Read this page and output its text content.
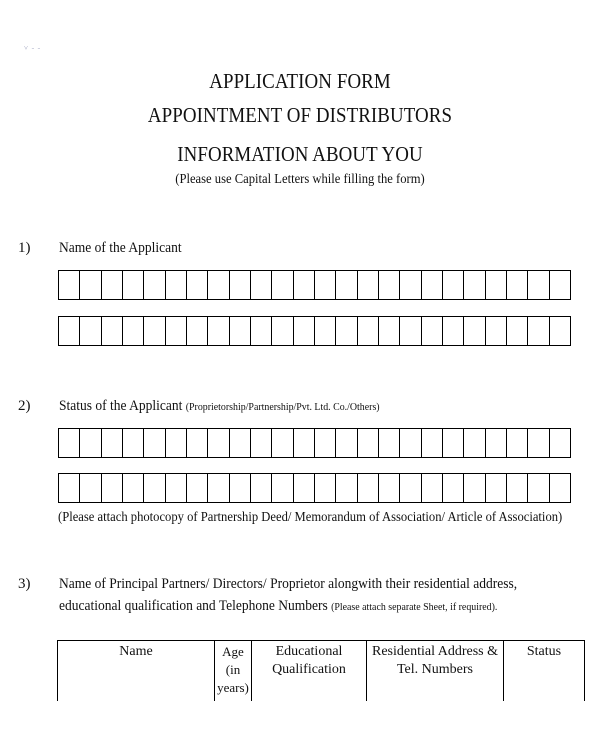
˅ ˗ ˗
APPLICATION FORM
APPOINTMENT OF DISTRIBUTORS
INFORMATION ABOUT YOU
(Please use Capital Letters while filling the form)
1) Name of the Applicant
2) Status of the Applicant (Proprietorship/Partnership/Pvt. Ltd. Co./Others)
(Please attach photocopy of Partnership Deed/ Memorandum of Association/ Article of Association)
3) Name of Principal Partners/ Directors/ Proprietor alongwith their residential address,
educational qualification and Telephone Numbers (Please attach separate Sheet, if required).
Name	Age (in years)	Educational Qualification	Residential Address & Tel. Numbers	Status
